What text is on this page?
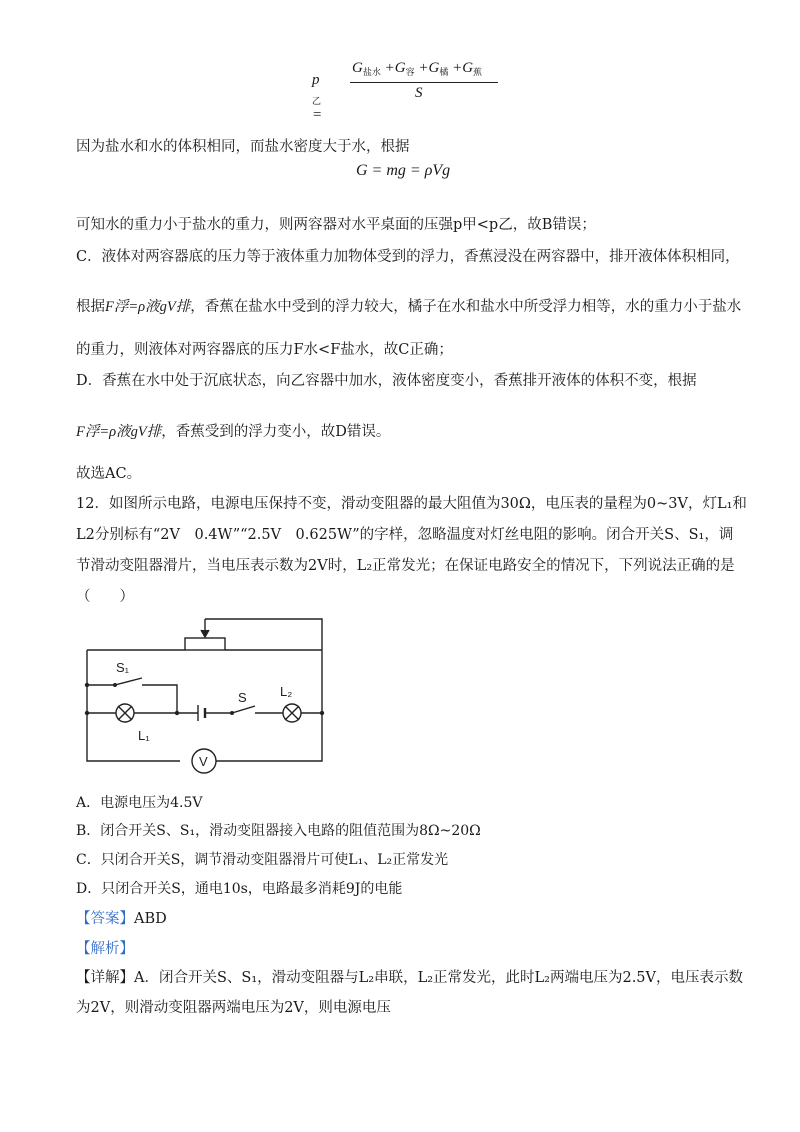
$p_乙=$
$G_{盐水} +G_容 +G_橘 +G_蕉$
S
因为盐水和水的体积相同，而盐水密度大于水，根据
G = mg = ρVg
可知水的重力小于盐水的重力，则两容器对水平桌面的压强p甲<p乙，故B错误；
C．液体对两容器底的压力等于液体重力加物体受到的浮力，香蕉浸没在两容器中，排开液体体积相同，
根据F浮=ρ液gV排，香蕉在盐水中受到的浮力较大，橘子在水和盐水中所受浮力相等，水的重力小于盐水
的重力，则液体对两容器底的压力F水<F盐水，故C正确；
D．香蕉在水中处于沉底状态，向乙容器中加水，液体密度变小，香蕉排开液体的体积不变，根据
F浮=ρ液gV排，香蕉受到的浮力变小，故D错误。
故选AC。
12．如图所示电路，电源电压保持不变，滑动变阻器的最大阻值为30Ω，电压表的量程为0~3V，灯L₁和
L2分别标有“2V　0.4W”“2.5V　0.625W”的字样，忽略温度对灯丝电阻的影响。闭合开关S、S₁，调
节滑动变阻器滑片，当电压表示数为2V时，L₂正常发光；在保证电路安全的情况下，下列说法正确的是
（　　）
S₁
S	L₂
L₁
V
A．电源电压为4.5V
B．闭合开关S、S₁，滑动变阻器接入电路的阻值范围为8Ω~20Ω
C．只闭合开关S，调节滑动变阻器滑片可使L₁、L₂正常发光
D．只闭合开关S，通电10s，电路最多消耗9J的电能
【答案】ABD
【解析】
【详解】A．闭合开关S、S₁，滑动变阻器与L₂串联，L₂正常发光，此时L₂两端电压为2.5V，电压表示数
为2V，则滑动变阻器两端电压为2V，则电源电压
